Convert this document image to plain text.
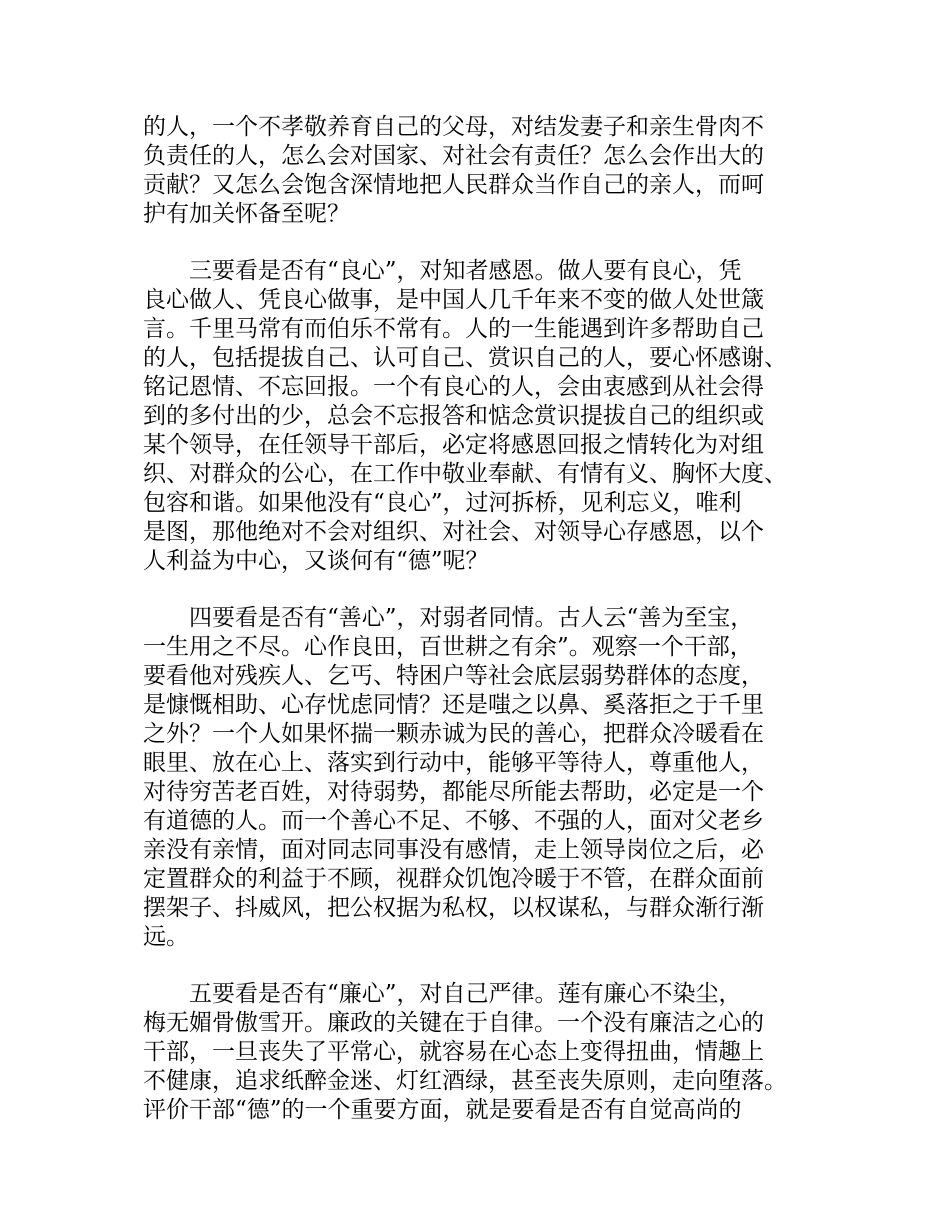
的人，一个不孝敬养育自己的父母，对结发妻子和亲生骨肉不
负责任的人，怎么会对国家、对社会有责任？怎么会作出大的
贡献？又怎么会饱含深情地把人民群众当作自己的亲人，而呵
护有加关怀备至呢？
　　三要看是否有“良心”，对知者感恩。做人要有良心，凭
良心做人、凭良心做事，是中国人几千年来不变的做人处世箴
言。千里马常有而伯乐不常有。人的一生能遇到许多帮助自己
的人，包括提拔自己、认可自己、赏识自己的人，要心怀感谢、
铭记恩情、不忘回报。一个有良心的人，会由衷感到从社会得
到的多付出的少，总会不忘报答和惦念赏识提拔自己的组织或
某个领导，在任领导干部后，必定将感恩回报之情转化为对组
织、对群众的公心，在工作中敬业奉献、有情有义、胸怀大度、
包容和谐。如果他没有“良心”，过河拆桥，见利忘义，唯利
是图，那他绝对不会对组织、对社会、对领导心存感恩，以个
人利益为中心，又谈何有“德”呢？
　　四要看是否有“善心”，对弱者同情。古人云“善为至宝，
一生用之不尽。心作良田，百世耕之有余”。观察一个干部，
要看他对残疾人、乞丐、特困户等社会底层弱势群体的态度，
是慷慨相助、心存忧虑同情？还是嗤之以鼻、奚落拒之于千里
之外？一个人如果怀揣一颗赤诚为民的善心，把群众冷暖看在
眼里、放在心上、落实到行动中，能够平等待人，尊重他人，
对待穷苦老百姓，对待弱势，都能尽所能去帮助，必定是一个
有道德的人。而一个善心不足、不够、不强的人，面对父老乡
亲没有亲情，面对同志同事没有感情，走上领导岗位之后，必
定置群众的利益于不顾，视群众饥饱冷暖于不管，在群众面前
摆架子、抖威风，把公权据为私权，以权谋私，与群众渐行渐
远。
　　五要看是否有“廉心”，对自己严律。莲有廉心不染尘，
梅无媚骨傲雪开。廉政的关键在于自律。一个没有廉洁之心的
干部，一旦丧失了平常心，就容易在心态上变得扭曲，情趣上
不健康，追求纸醉金迷、灯红酒绿，甚至丧失原则，走向堕落。
评价干部“德”的一个重要方面，就是要看是否有自觉高尚的
